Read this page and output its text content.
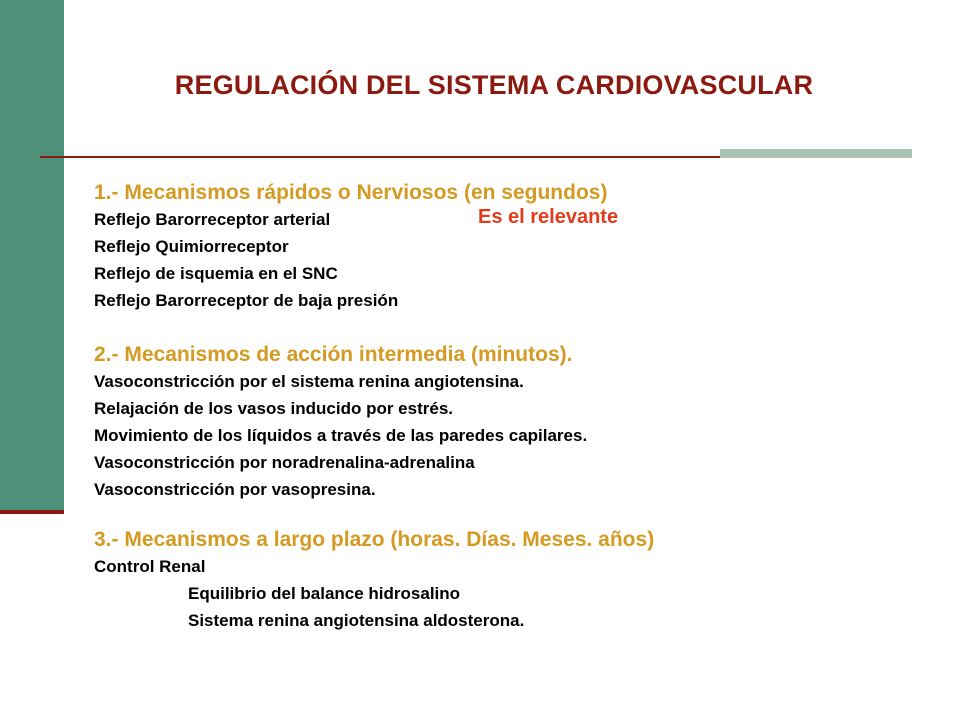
REGULACIÓN DEL SISTEMA CARDIOVASCULAR
1.- Mecanismos rápidos o Nerviosos (en segundos)
Reflejo Barorreceptor arterial	Es el relevante
Reflejo Quimiorreceptor
Reflejo de isquemia en el SNC
Reflejo Barorreceptor de baja presión
2.- Mecanismos de acción intermedia (minutos).
Vasoconstricción por el sistema renina angiotensina.
Relajación de los vasos inducido por estrés.
Movimiento de los líquidos a través de las paredes capilares.
Vasoconstricción por noradrenalina-adrenalina
Vasoconstricción por vasopresina.
3.- Mecanismos a largo plazo (horas. Días. Meses. años)
Control Renal
Equilibrio del balance hidrosalino
Sistema renina angiotensina aldosterona.
